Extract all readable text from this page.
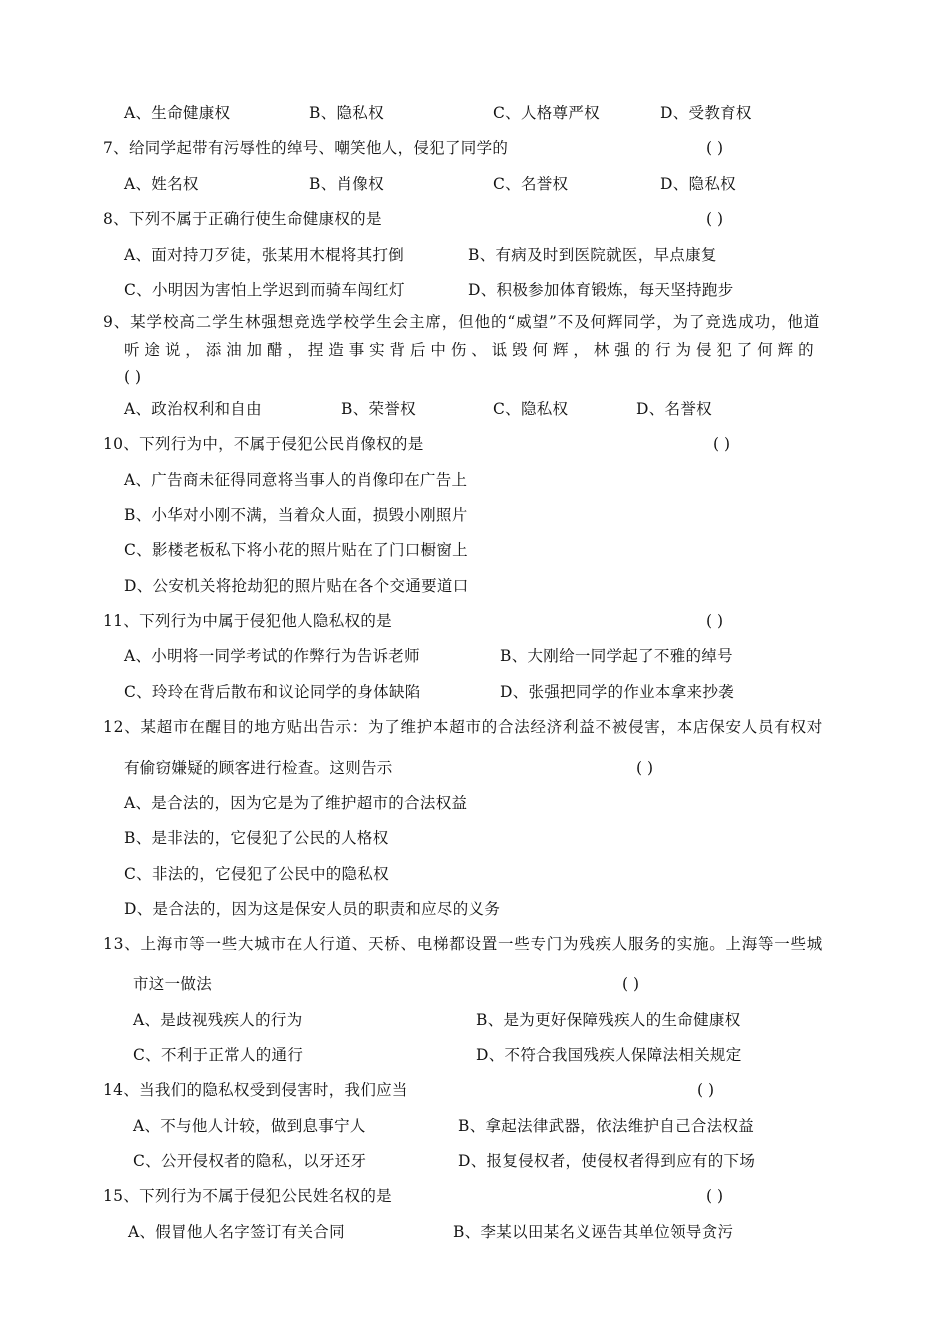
A、生命健康权	B、隐私权	C、人格尊严权	D、受教育权
7、给同学起带有污辱性的绰号、嘲笑他人，侵犯了同学的	( )
A、姓名权	B、肖像权	C、名誉权	D、隐私权
8、下列不属于正确行使生命健康权的是	( )
A、面对持刀歹徒，张某用木棍将其打倒	B、有病及时到医院就医，早点康复
C、小明因为害怕上学迟到而骑车闯红灯	D、积极参加体育锻炼，每天坚持跑步
9、某学校高二学生林强想竞选学校学生会主席，但他的“威望”不及何辉同学，为了竞选成功，他道
听 途 说 ， 添 油 加 醋 ， 捏 造 事 实 背 后 中 伤 、 诋 毁 何 辉 ， 林 强 的 行 为 侵 犯 了 何 辉 的
( )
A、政治权利和自由	B、荣誉权	C、隐私权	D、名誉权
10、下列行为中，不属于侵犯公民肖像权的是	( )
A、广告商未征得同意将当事人的肖像印在广告上
B、小华对小刚不满，当着众人面，损毁小刚照片
C、影楼老板私下将小花的照片贴在了门口橱窗上
D、公安机关将抢劫犯的照片贴在各个交通要道口
11、下列行为中属于侵犯他人隐私权的是	( )
A、小明将一同学考试的作弊行为告诉老师	B、大刚给一同学起了不雅的绰号
C、玲玲在背后散布和议论同学的身体缺陷	D、张强把同学的作业本拿来抄袭
12、某超市在醒目的地方贴出告示：为了维护本超市的合法经济利益不被侵害，本店保安人员有权对
有偷窃嫌疑的顾客进行检查。这则告示	( )
A、是合法的，因为它是为了维护超市的合法权益
B、是非法的，它侵犯了公民的人格权
C、非法的，它侵犯了公民中的隐私权
D、是合法的，因为这是保安人员的职责和应尽的义务
13、上海市等一些大城市在人行道、天桥、电梯都设置一些专门为残疾人服务的实施。上海等一些城
市这一做法	( )
A、是歧视残疾人的行为	B、是为更好保障残疾人的生命健康权
C、不利于正常人的通行	D、不符合我国残疾人保障法相关规定
14、当我们的隐私权受到侵害时，我们应当	( )
A、不与他人计较，做到息事宁人	B、拿起法律武器，依法维护自己合法权益
C、公开侵权者的隐私，以牙还牙	D、报复侵权者，使侵权者得到应有的下场
15、下列行为不属于侵犯公民姓名权的是	( )
A、假冒他人名字签订有关合同	B、李某以田某名义诬告其单位领导贪污
